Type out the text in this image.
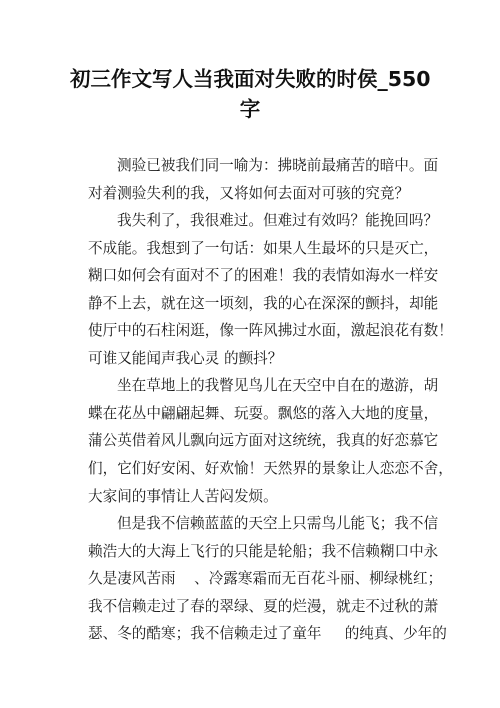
初三作文写人当我面对失败的时侯_550
字
测验已被我们同一喻为：拂晓前最痛苦的暗中。面
对着测验失利的我，又将如何去面对可骇的究竟？
我失利了，我很难过。但难过有效吗？能挽回吗？
不成能。我想到了一句话：如果人生最坏的只是灭亡，
糊口如何会有面对不了的困难！我的表情如海水一样安
静不上去，就在这一顷刻，我的心在深深的颤抖，却能
使厅中的石柱闲逛，像一阵风拂过水面，激起浪花有数！
可谁又能闻声我心灵 的颤抖？
坐在草地上的我瞥见鸟儿在天空中自在的遨游，胡
蝶在花丛中翩翩起舞、玩耍。飘悠的落入大地的度量，
蒲公英借着风儿飘向远方面对这统统，我真的好恋慕它
们，它们好安闲、好欢愉！天然界的景象让人恋恋不舍，
大家间的事情让人苦闷发烦。
但是我不信赖蓝蓝的天空上只需鸟儿能飞；我不信
赖浩大的大海上飞行的只能是轮船；我不信赖糊口中永
久是凄风苦雨    、冷露寒霜而无百花斗丽、柳绿桃红；
我不信赖走过了春的翠绿、夏的烂漫，就走不过秋的萧
瑟、冬的酷寒；我不信赖走过了童年     的纯真、少年的
